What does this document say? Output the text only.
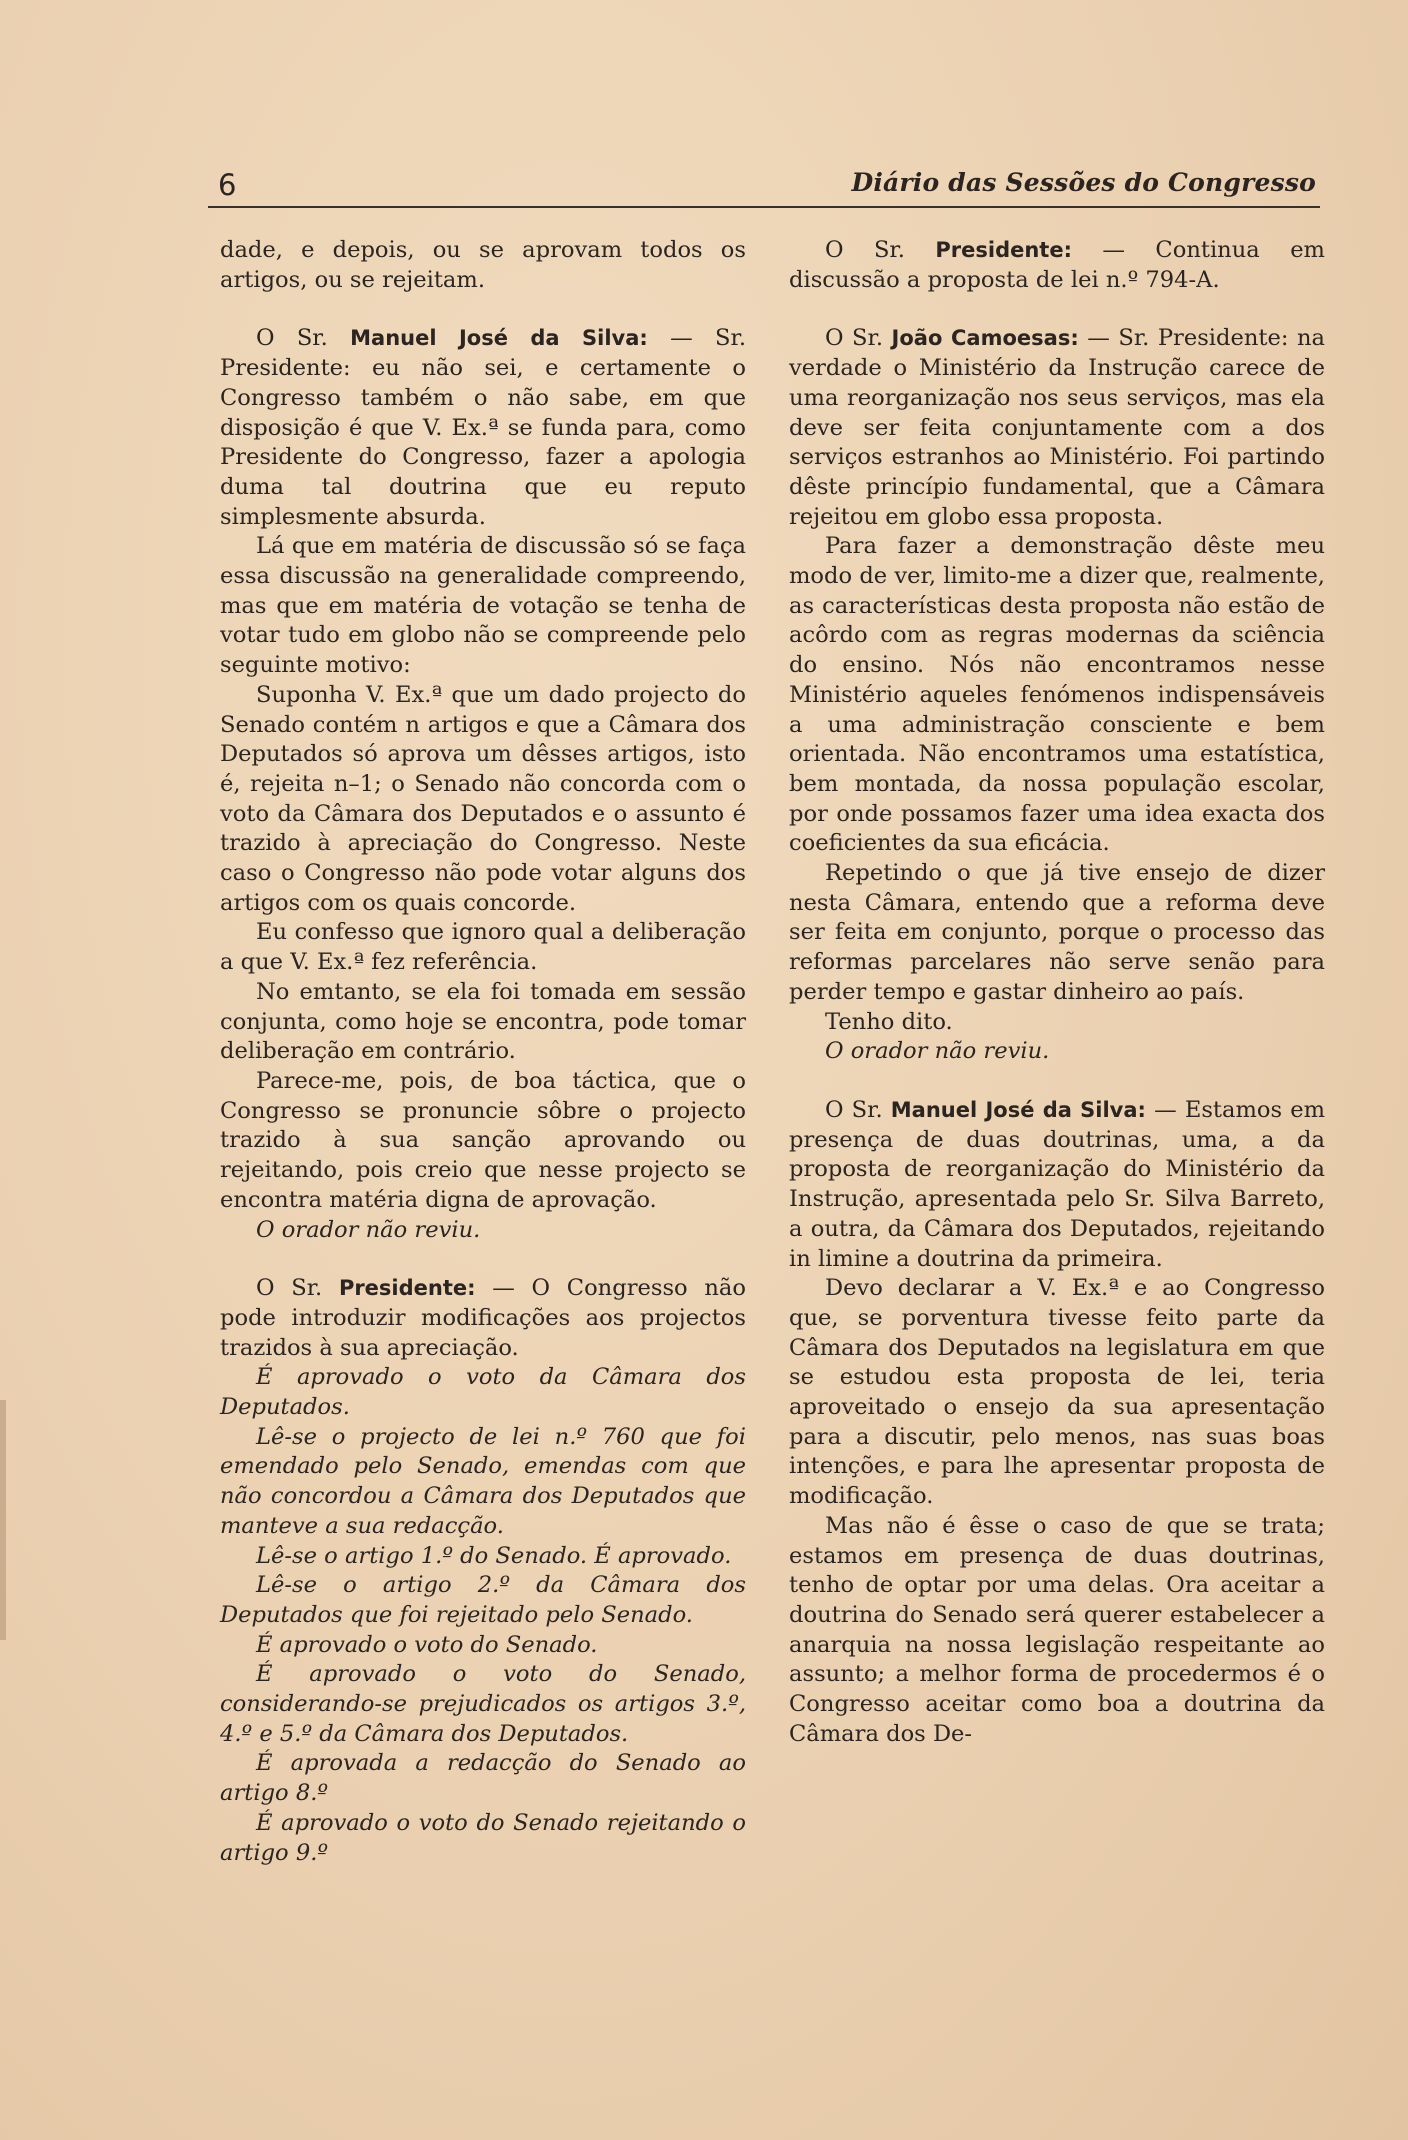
6	Diário das Sessões do Congresso

dade, e depois, ou se aprovam todos os artigos, ou se rejeitam.

O Sr. Manuel José da Silva: — Sr. Presidente: eu não sei, e certamente o Congresso também o não sabe, em que disposição é que V. Ex.ª se funda para, como Presidente do Congresso, fazer a apologia duma tal doutrina que eu reputo simplesmente absurda.

Lá que em matéria de discussão só se faça essa discussão na generalidade compreendo, mas que em matéria de votação se tenha de votar tudo em globo não se compreende pelo seguinte motivo:

Suponha V. Ex.ª que um dado projecto do Senado contém n artigos e que a Câmara dos Deputados só aprova um dêsses artigos, isto é, rejeita n–1; o Senado não concorda com o voto da Câmara dos Deputados e o assunto é trazido à apreciação do Congresso. Neste caso o Congresso não pode votar alguns dos artigos com os quais concorde.

Eu confesso que ignoro qual a deliberação a que V. Ex.ª fez referência.

No emtanto, se ela foi tomada em sessão conjunta, como hoje se encontra, pode tomar deliberação em contrário.

Parece-me, pois, de boa táctica, que o Congresso se pronuncie sôbre o projecto trazido à sua sanção aprovando ou rejeitando, pois creio que nesse projecto se encontra matéria digna de aprovação.

O orador não reviu.

O Sr. Presidente: — O Congresso não pode introduzir modificações aos projectos trazidos à sua apreciação.

É aprovado o voto da Câmara dos Deputados.

Lê-se o projecto de lei n.º 760 que foi emendado pelo Senado, emendas com que não concordou a Câmara dos Deputados que manteve a sua redacção.

Lê-se o artigo 1.º do Senado. É aprovado.

Lê-se o artigo 2.º da Câmara dos Deputados que foi rejeitado pelo Senado.

É aprovado o voto do Senado.

É aprovado o voto do Senado, considerando-se prejudicados os artigos 3.º, 4.º e 5.º da Câmara dos Deputados.

É aprovada a redacção do Senado ao artigo 8.º

É aprovado o voto do Senado rejeitando o artigo 9.º

O Sr. Presidente: — Continua em discussão a proposta de lei n.º 794-A.

O Sr. João Camoesas: — Sr. Presidente: na verdade o Ministério da Instrução carece de uma reorganização nos seus serviços, mas ela deve ser feita conjuntamente com a dos serviços estranhos ao Ministério. Foi partindo dêste princípio fundamental, que a Câmara rejeitou em globo essa proposta.

Para fazer a demonstração dêste meu modo de ver, limito-me a dizer que, realmente, as características desta proposta não estão de acôrdo com as regras modernas da sciência do ensino. Nós não encontramos nesse Ministério aqueles fenómenos indispensáveis a uma administração consciente e bem orientada. Não encontramos uma estatística, bem montada, da nossa população escolar, por onde possamos fazer uma idea exacta dos coeficientes da sua eficácia.

Repetindo o que já tive ensejo de dizer nesta Câmara, entendo que a reforma deve ser feita em conjunto, porque o processo das reformas parcelares não serve senão para perder tempo e gastar dinheiro ao país.

Tenho dito.

O orador não reviu.

O Sr. Manuel José da Silva: — Estamos em presença de duas doutrinas, uma, a da proposta de reorganização do Ministério da Instrução, apresentada pelo Sr. Silva Barreto, a outra, da Câmara dos Deputados, rejeitando in limine a doutrina da primeira.

Devo declarar a V. Ex.ª e ao Congresso que, se porventura tivesse feito parte da Câmara dos Deputados na legislatura em que se estudou esta proposta de lei, teria aproveitado o ensejo da sua apresentação para a discutir, pelo menos, nas suas boas intenções, e para lhe apresentar proposta de modificação.

Mas não é êsse o caso de que se trata; estamos em presença de duas doutrinas, tenho de optar por uma delas. Ora aceitar a doutrina do Senado será querer estabelecer a anarquia na nossa legislação respeitante ao assunto; a melhor forma de procedermos é o Congresso aceitar como boa a doutrina da Câmara dos De-
